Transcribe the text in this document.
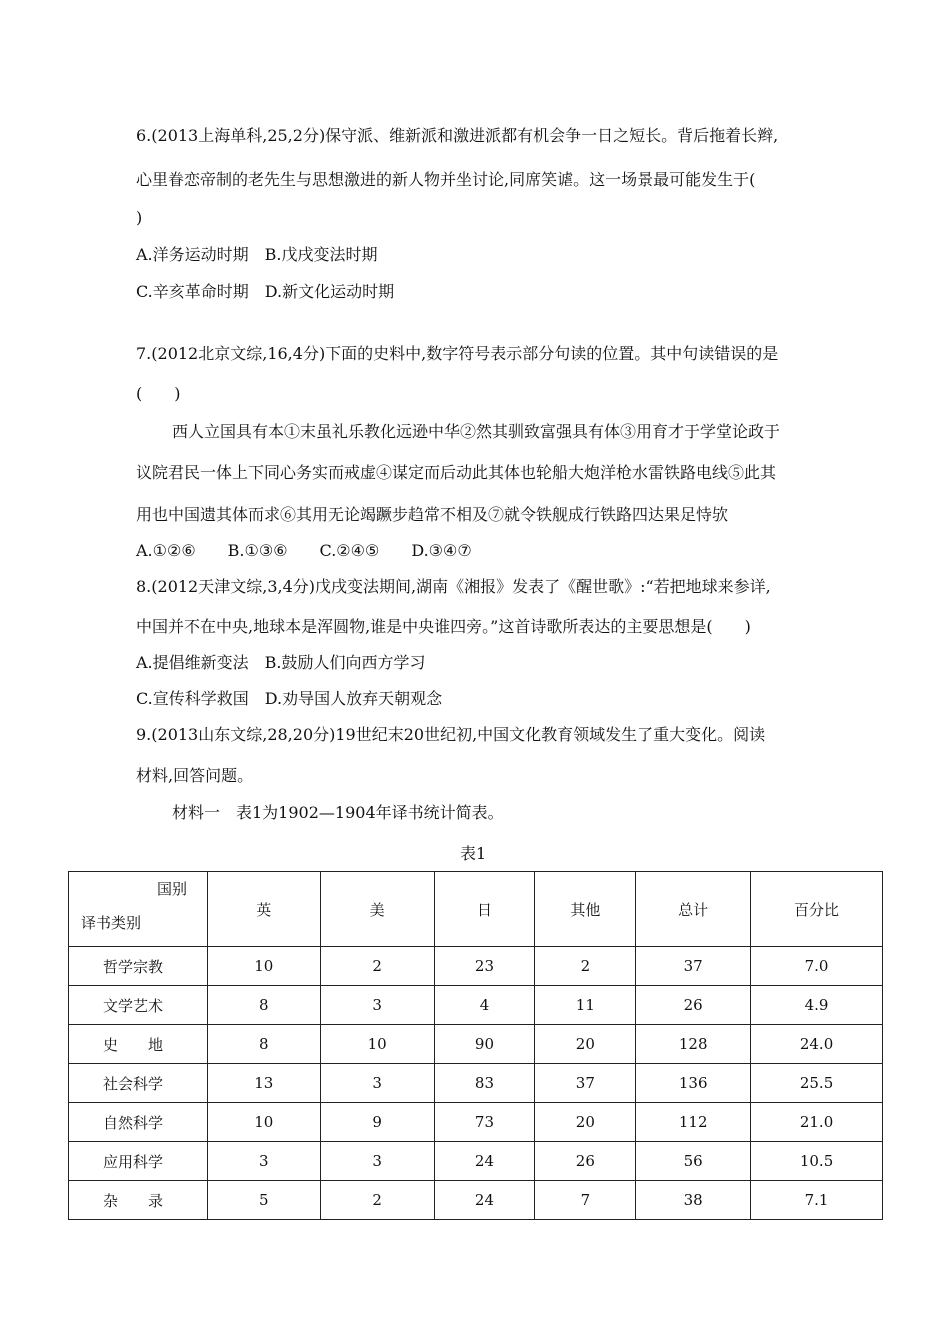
6.(2013上海单科,25,2分)保守派、维新派和激进派都有机会争一日之短长。背后拖着长辫,
心里眷恋帝制的老先生与思想激进的新人物并坐讨论,同席笑谑。这一场景最可能发生于(
)
A.洋务运动时期　B.戊戌变法时期
C.辛亥革命时期　D.新文化运动时期
7.(2012北京文综,16,4分)下面的史料中,数字符号表示部分句读的位置。其中句读错误的是
(　　)
西人立国具有本①末虽礼乐教化远逊中华②然其驯致富强具有体③用育才于学堂论政于
议院君民一体上下同心务实而戒虚④谋定而后动此其体也轮船大炮洋枪水雷铁路电线⑤此其
用也中国遗其体而求⑥其用无论竭蹶步趋常不相及⑦就令铁舰成行铁路四达果足恃欤
A.①②⑥　　B.①③⑥　　C.②④⑤　　D.③④⑦
8.(2012天津文综,3,4分)戊戌变法期间,湖南《湘报》发表了《醒世歌》:“若把地球来参详,
中国并不在中央,地球本是浑圆物,谁是中央谁四旁。”这首诗歌所表达的主要思想是(　　)
A.提倡维新变法　B.鼓励人们向西方学习
C.宣传科学救国　D.劝导国人放弃天朝观念
9.(2013山东文综,28,20分)19世纪末20世纪初,中国文化教育领域发生了重大变化。阅读
材料,回答问题。
材料一　表1为1902—1904年译书统计简表。
表1
国别
译书类别	英	美	日	其他	总计	百分比
哲学宗教	10	2	23	2	37	7.0
文学艺术	8	3	4	11	26	4.9
史　　地	8	10	90	20	128	24.0
社会科学	13	3	83	37	136	25.5
自然科学	10	9	73	20	112	21.0
应用科学	3	3	24	26	56	10.5
杂　　录	5	2	24	7	38	7.1
